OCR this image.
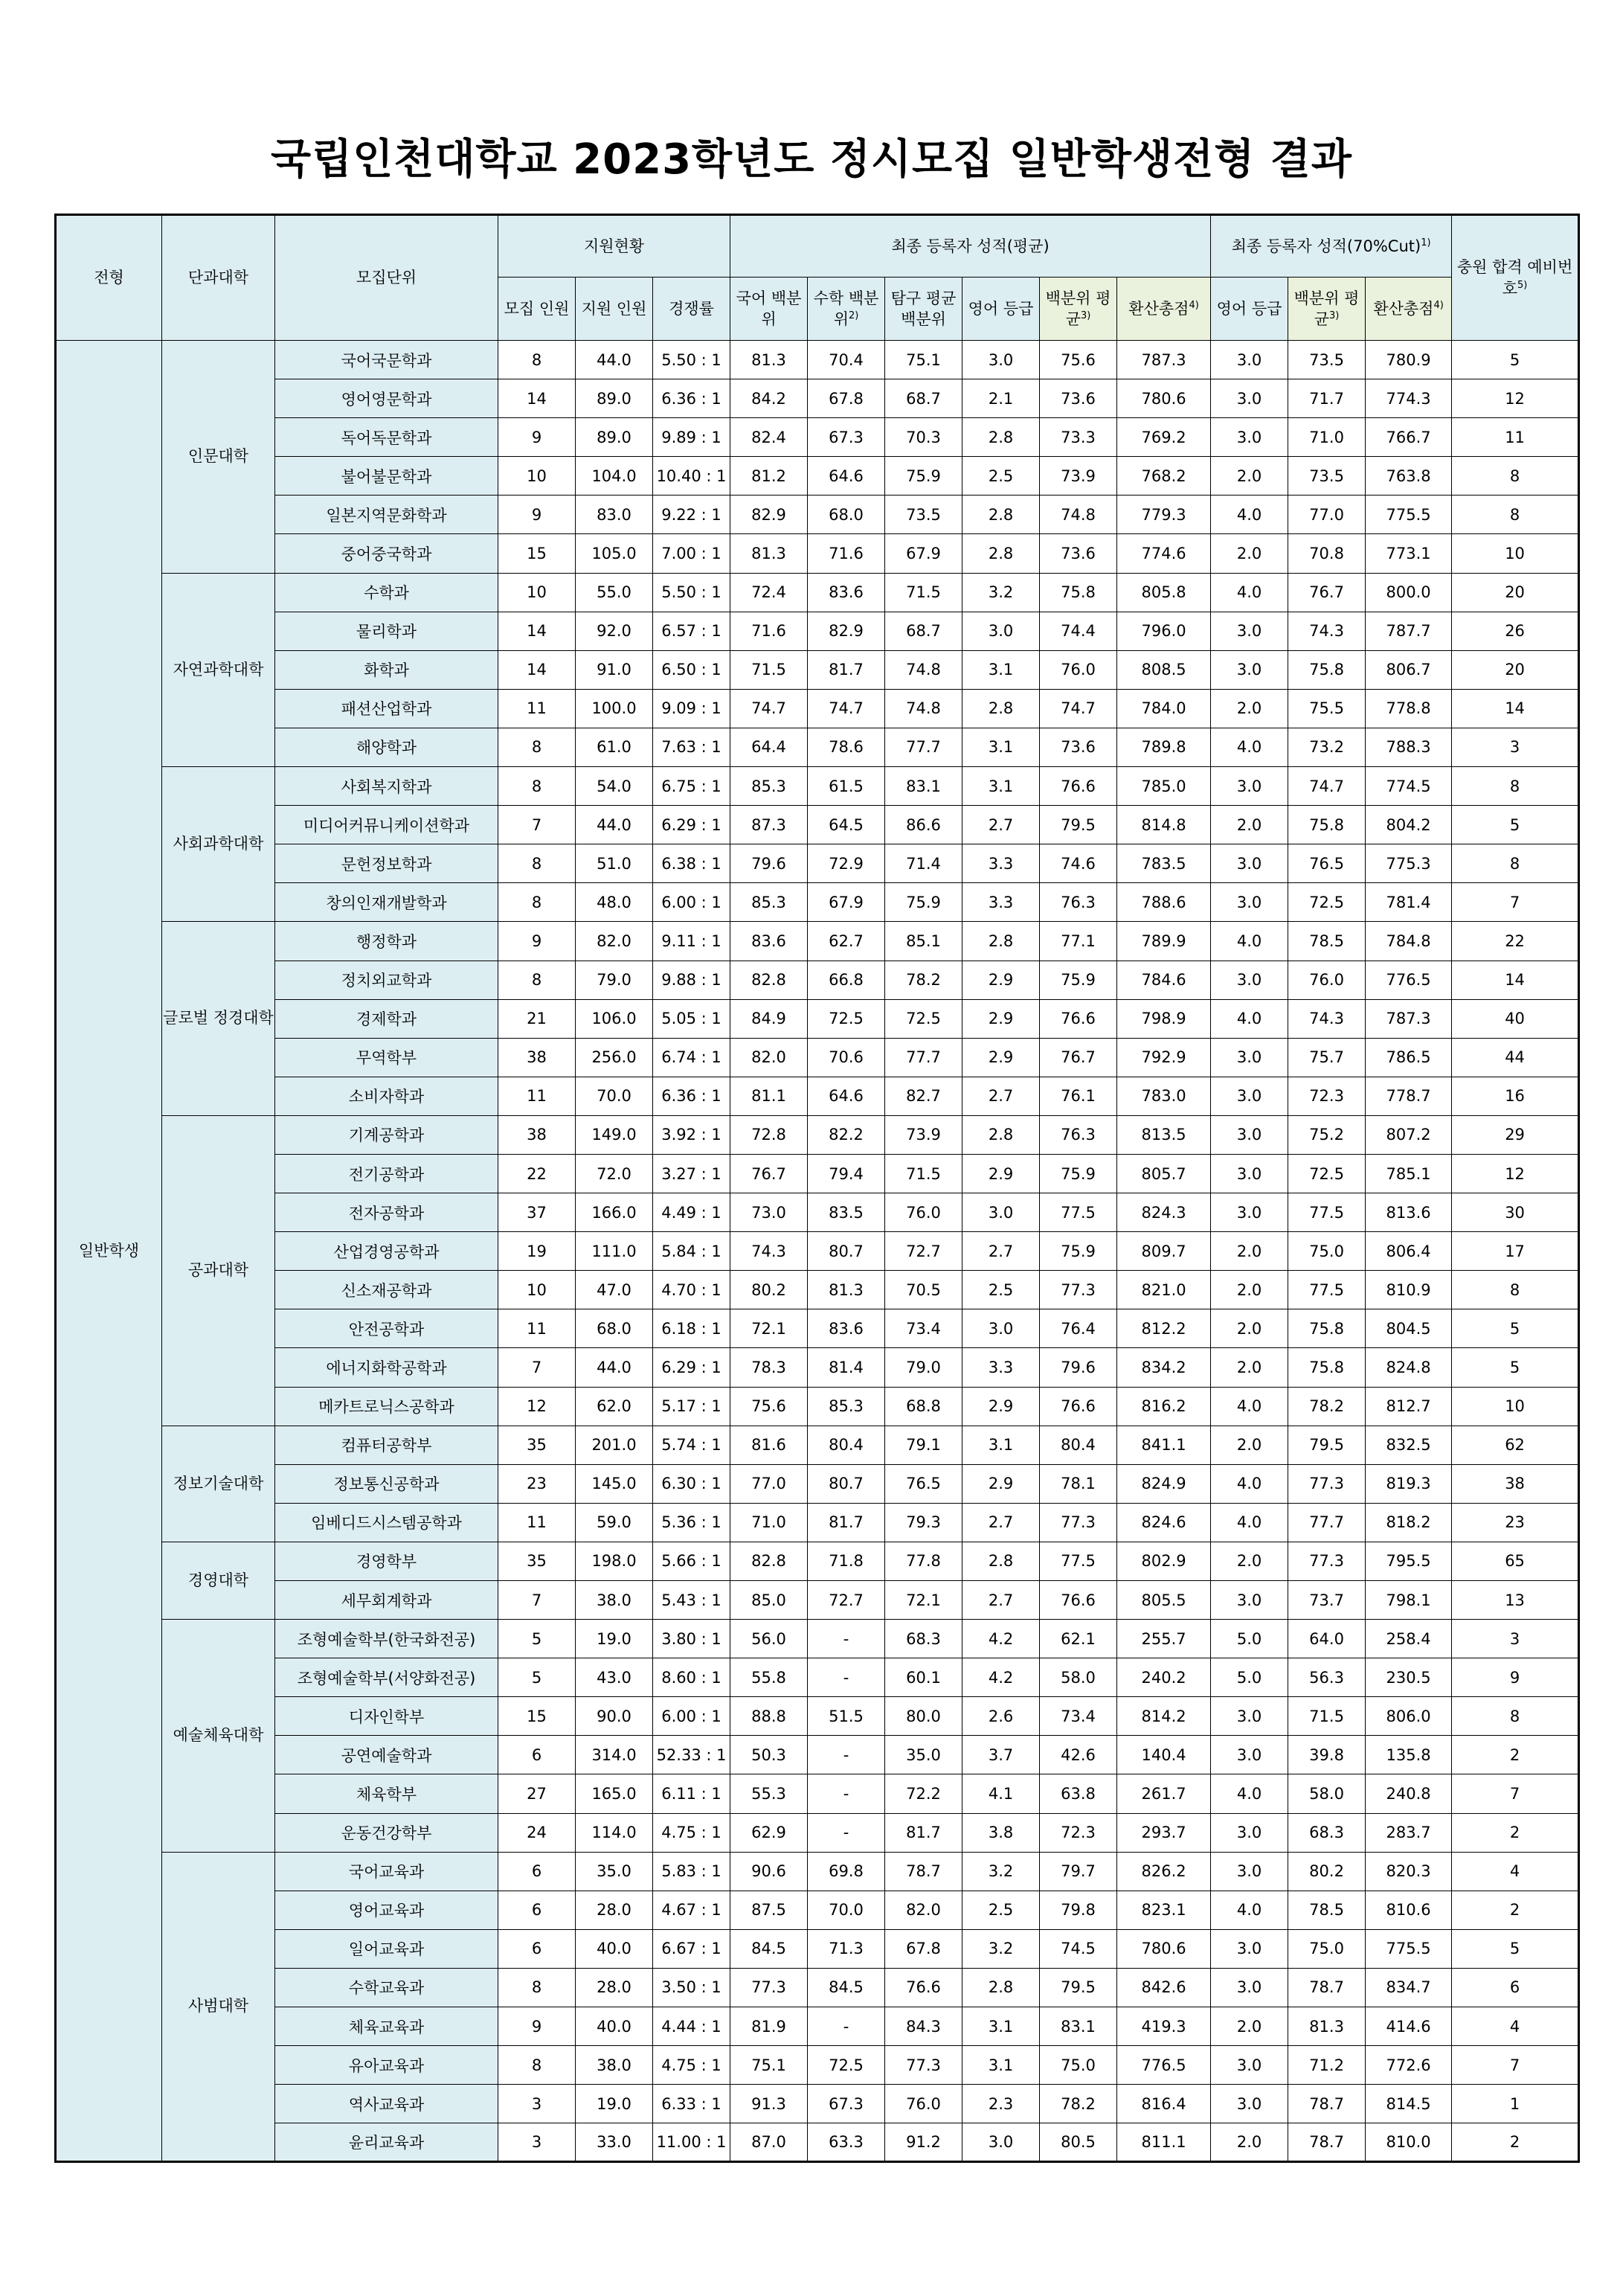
국립인천대학교 2023학년도 정시모집 일반학생전형 결과
전형	단과대학	모집단위	지원현황			최종 등록자 성적(평균)						최종 등록자 성적$(70\%Cut)^{1)}$			충원 합격 예비번호$^{5)}$
			모집 인원	지원 인원	경쟁률	국어 백분위	수학 백분위$^{2)}$	탐구 평균 백분위	영어 등급	백분위 평균$^{3)}$	환산총점$^{4)}$	영어 등급	백분위 평균$^{3)}$	환산총점$^{4)}$
일반학생	인문대학	국어국문학과	8	44.0	5.50 : 1	81.3	70.4	75.1	3.0	75.6	787.3	3.0	73.5	780.9	5
		영어영문학과	14	89.0	6.36 : 1	84.2	67.8	68.7	2.1	73.6	780.6	3.0	71.7	774.3	12
		독어독문학과	9	89.0	9.89 : 1	82.4	67.3	70.3	2.8	73.3	769.2	3.0	71.0	766.7	11
		불어불문학과	10	104.0	10.40 : 1	81.2	64.6	75.9	2.5	73.9	768.2	2.0	73.5	763.8	8
		일본지역문화학과	9	83.0	9.22 : 1	82.9	68.0	73.5	2.8	74.8	779.3	4.0	77.0	775.5	8
		중어중국학과	15	105.0	7.00 : 1	81.3	71.6	67.9	2.8	73.6	774.6	2.0	70.8	773.1	10
	자연과학대학	수학과	10	55.0	5.50 : 1	72.4	83.6	71.5	3.2	75.8	805.8	4.0	76.7	800.0	20
		물리학과	14	92.0	6.57 : 1	71.6	82.9	68.7	3.0	74.4	796.0	3.0	74.3	787.7	26
		화학과	14	91.0	6.50 : 1	71.5	81.7	74.8	3.1	76.0	808.5	3.0	75.8	806.7	20
		패션산업학과	11	100.0	9.09 : 1	74.7	74.7	74.8	2.8	74.7	784.0	2.0	75.5	778.8	14
		해양학과	8	61.0	7.63 : 1	64.4	78.6	77.7	3.1	73.6	789.8	4.0	73.2	788.3	3
	사회과학대학	사회복지학과	8	54.0	6.75 : 1	85.3	61.5	83.1	3.1	76.6	785.0	3.0	74.7	774.5	8
		미디어커뮤니케이션학과	7	44.0	6.29 : 1	87.3	64.5	86.6	2.7	79.5	814.8	2.0	75.8	804.2	5
		문헌정보학과	8	51.0	6.38 : 1	79.6	72.9	71.4	3.3	74.6	783.5	3.0	76.5	775.3	8
		창의인재개발학과	8	48.0	6.00 : 1	85.3	67.9	75.9	3.3	76.3	788.6	3.0	72.5	781.4	7
	글로벌 정경대학	행정학과	9	82.0	9.11 : 1	83.6	62.7	85.1	2.8	77.1	789.9	4.0	78.5	784.8	22
		정치외교학과	8	79.0	9.88 : 1	82.8	66.8	78.2	2.9	75.9	784.6	3.0	76.0	776.5	14
		경제학과	21	106.0	5.05 : 1	84.9	72.5	72.5	2.9	76.6	798.9	4.0	74.3	787.3	40
		무역학부	38	256.0	6.74 : 1	82.0	70.6	77.7	2.9	76.7	792.9	3.0	75.7	786.5	44
		소비자학과	11	70.0	6.36 : 1	81.1	64.6	82.7	2.7	76.1	783.0	3.0	72.3	778.7	16
	공과대학	기계공학과	38	149.0	3.92 : 1	72.8	82.2	73.9	2.8	76.3	813.5	3.0	75.2	807.2	29
		전기공학과	22	72.0	3.27 : 1	76.7	79.4	71.5	2.9	75.9	805.7	3.0	72.5	785.1	12
		전자공학과	37	166.0	4.49 : 1	73.0	83.5	76.0	3.0	77.5	824.3	3.0	77.5	813.6	30
		산업경영공학과	19	111.0	5.84 : 1	74.3	80.7	72.7	2.7	75.9	809.7	2.0	75.0	806.4	17
		신소재공학과	10	47.0	4.70 : 1	80.2	81.3	70.5	2.5	77.3	821.0	2.0	77.5	810.9	8
		안전공학과	11	68.0	6.18 : 1	72.1	83.6	73.4	3.0	76.4	812.2	2.0	75.8	804.5	5
		에너지화학공학과	7	44.0	6.29 : 1	78.3	81.4	79.0	3.3	79.6	834.2	2.0	75.8	824.8	5
		메카트로닉스공학과	12	62.0	5.17 : 1	75.6	85.3	68.8	2.9	76.6	816.2	4.0	78.2	812.7	10
	정보기술대학	컴퓨터공학부	35	201.0	5.74 : 1	81.6	80.4	79.1	3.1	80.4	841.1	2.0	79.5	832.5	62
		정보통신공학과	23	145.0	6.30 : 1	77.0	80.7	76.5	2.9	78.1	824.9	4.0	77.3	819.3	38
		임베디드시스템공학과	11	59.0	5.36 : 1	71.0	81.7	79.3	2.7	77.3	824.6	4.0	77.7	818.2	23
	경영대학	경영학부	35	198.0	5.66 : 1	82.8	71.8	77.8	2.8	77.5	802.9	2.0	77.3	795.5	65
		세무회계학과	7	38.0	5.43 : 1	85.0	72.7	72.1	2.7	76.6	805.5	3.0	73.7	798.1	13
	예술체육대학	조형예술학부(한국화전공)	5	19.0	3.80 : 1	56.0	-	68.3	4.2	62.1	255.7	5.0	64.0	258.4	3
		조형예술학부(서양화전공)	5	43.0	8.60 : 1	55.8	-	60.1	4.2	58.0	240.2	5.0	56.3	230.5	9
		디자인학부	15	90.0	6.00 : 1	88.8	51.5	80.0	2.6	73.4	814.2	3.0	71.5	806.0	8
		공연예술학과	6	314.0	52.33 : 1	50.3	-	35.0	3.7	42.6	140.4	3.0	39.8	135.8	2
		체육학부	27	165.0	6.11 : 1	55.3	-	72.2	4.1	63.8	261.7	4.0	58.0	240.8	7
		운동건강학부	24	114.0	4.75 : 1	62.9	-	81.7	3.8	72.3	293.7	3.0	68.3	283.7	2
	사범대학	국어교육과	6	35.0	5.83 : 1	90.6	69.8	78.7	3.2	79.7	826.2	3.0	80.2	820.3	4
		영어교육과	6	28.0	4.67 : 1	87.5	70.0	82.0	2.5	79.8	823.1	4.0	78.5	810.6	2
		일어교육과	6	40.0	6.67 : 1	84.5	71.3	67.8	3.2	74.5	780.6	3.0	75.0	775.5	5
		수학교육과	8	28.0	3.50 : 1	77.3	84.5	76.6	2.8	79.5	842.6	3.0	78.7	834.7	6
		체육교육과	9	40.0	4.44 : 1	81.9	-	84.3	3.1	83.1	419.3	2.0	81.3	414.6	4
		유아교육과	8	38.0	4.75 : 1	75.1	72.5	77.3	3.1	75.0	776.5	3.0	71.2	772.6	7
		역사교육과	3	19.0	6.33 : 1	91.3	67.3	76.0	2.3	78.2	816.4	3.0	78.7	814.5	1
		윤리교육과	3	33.0	11.00 : 1	87.0	63.3	91.2	3.0	80.5	811.1	2.0	78.7	810.0	2
